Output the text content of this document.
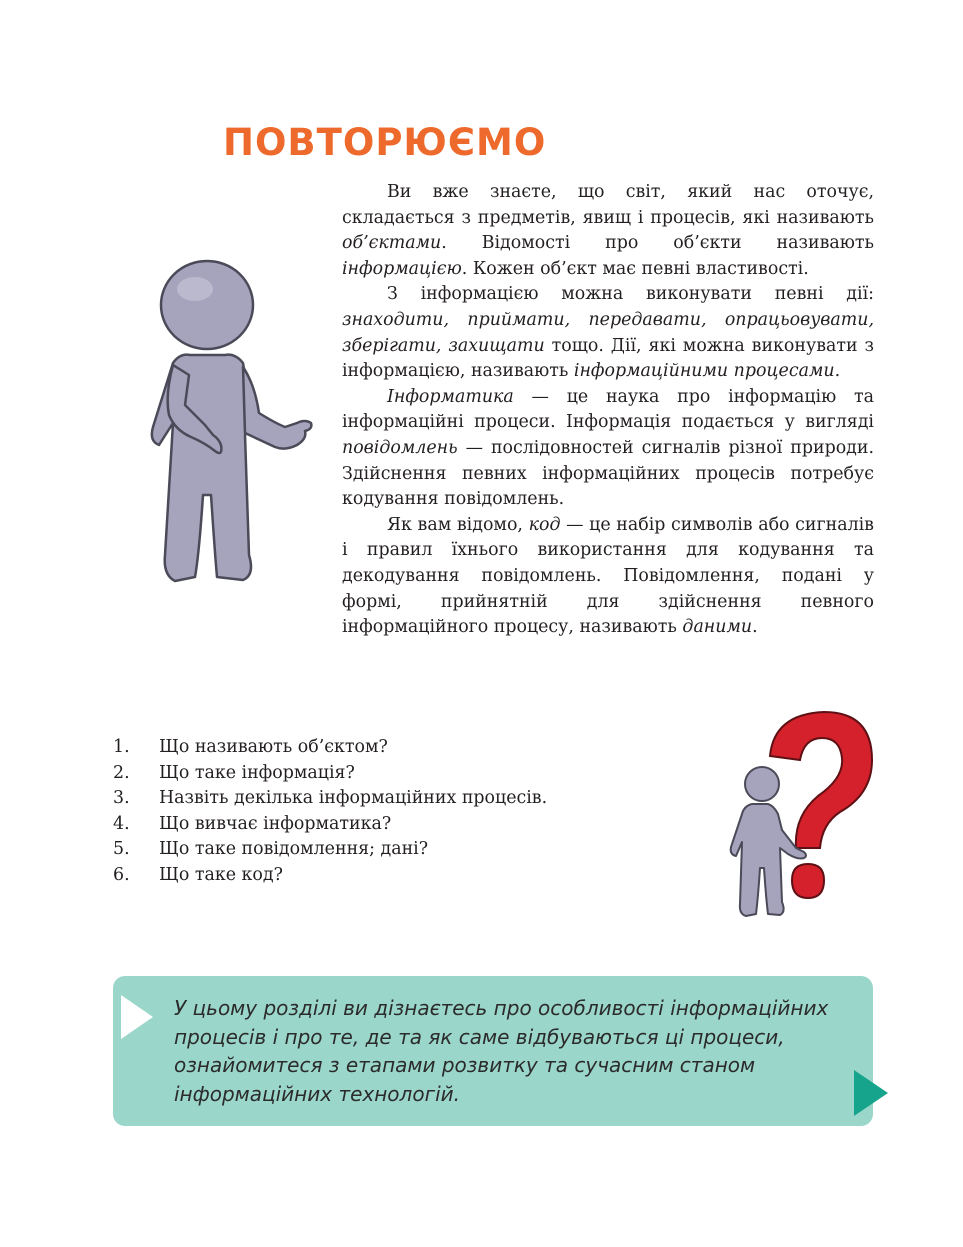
ПОВТОРЮЄМО

Ви вже знаєте, що світ, який нас оточує, складається з предметів, явищ і процесів, які називають об’єктами. Відомості про об’єкти називають інформацією. Кожен об’єкт має певні властивості.

З інформацією можна виконувати певні дії: знаходити, приймати, передавати, опрацьовувати, зберігати, захищати тощо. Дії, які можна виконувати з інформацією, називають інформаційними процесами.

Інформатика — це наука про інформацію та інформаційні процеси. Інформація подається у вигляді повідомлень — послідовностей сигналів різної природи. Здійснення певних інформаційних процесів потребує кодування повідомлень.

Як вам відомо, код — це набір символів або сигналів і правил їхнього використання для кодування та декодування повідомлень. Повідомлення, подані у формі, прийнятній для здійснення певного інформаційного процесу, називають даними.

1.	Що називають об’єктом?
2.	Що таке інформація?
3.	Назвіть декілька інформаційних процесів.
4.	Що вивчає інформатика?
5.	Що таке повідомлення; дані?
6.	Що таке код?

У цьому розділі ви дізнаєтесь про особливості інформаційних
процесів і про те, де та як саме відбуваються ці процеси,
ознайомитеся з етапами розвитку та сучасним станом
інформаційних технологій.
